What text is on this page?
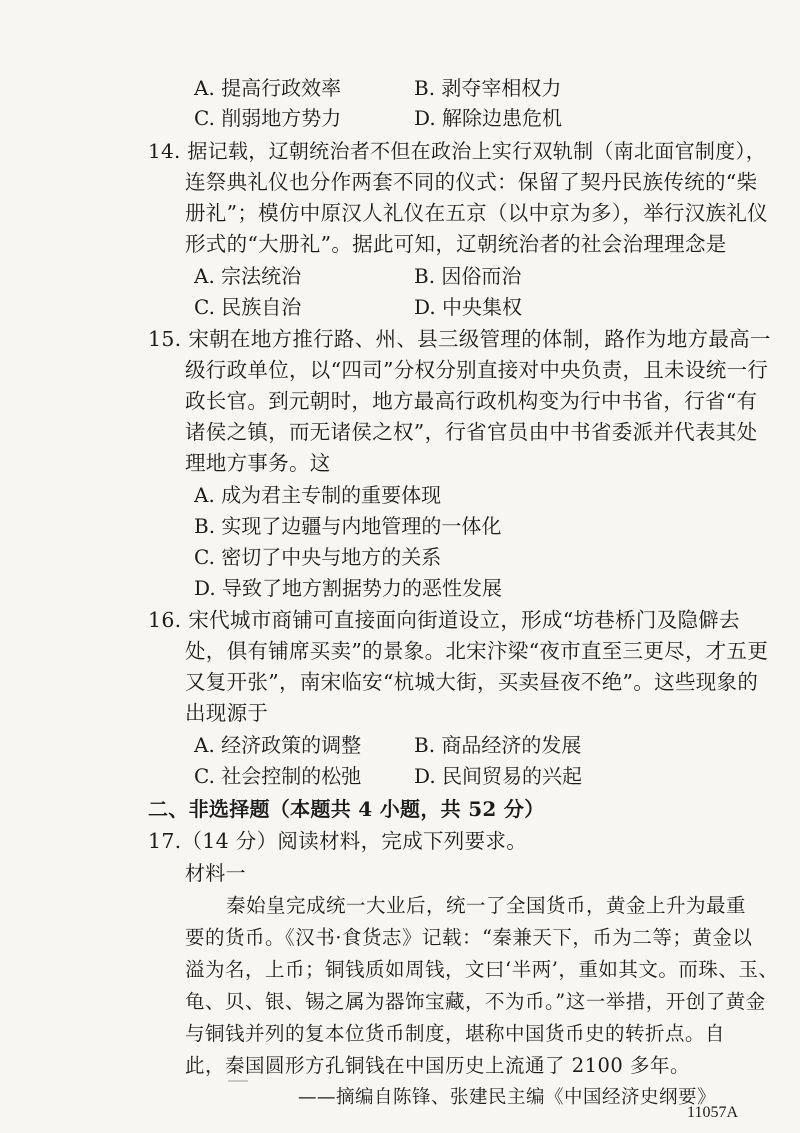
A. 提高行政效率	B. 剥夺宰相权力
C. 削弱地方势力	D. 解除边患危机
14. 据记载，辽朝统治者不但在政治上实行双轨制（南北面官制度），
连祭典礼仪也分作两套不同的仪式：保留了契丹民族传统的“柴
册礼”；模仿中原汉人礼仪在五京（以中京为多），举行汉族礼仪
形式的“大册礼”。据此可知，辽朝统治者的社会治理理念是
A. 宗法统治	B. 因俗而治
C. 民族自治	D. 中央集权
15. 宋朝在地方推行路、州、县三级管理的体制，路作为地方最高一
级行政单位，以“四司”分权分别直接对中央负责，且未设统一行
政长官。到元朝时，地方最高行政机构变为行中书省，行省“有
诸侯之镇，而无诸侯之权”，行省官员由中书省委派并代表其处
理地方事务。这
A. 成为君主专制的重要体现
B. 实现了边疆与内地管理的一体化
C. 密切了中央与地方的关系
D. 导致了地方割据势力的恶性发展
16. 宋代城市商铺可直接面向街道设立，形成“坊巷桥门及隐僻去
处，俱有铺席买卖”的景象。北宋汴梁“夜市直至三更尽，才五更
又复开张”，南宋临安“杭城大街，买卖昼夜不绝”。这些现象的
出现源于
A. 经济政策的调整	B. 商品经济的发展
C. 社会控制的松弛	D. 民间贸易的兴起
二、非选择题（本题共 4 小题，共 52 分）
17.（14 分）阅读材料，完成下列要求。
材料一
秦始皇完成统一大业后，统一了全国货币，黄金上升为最重
要的货币。《汉书·食货志》记载：“秦兼天下，币为二等；黄金以
溢为名，上币；铜钱质如周钱，文曰‘半两’，重如其文。而珠、玉、
龟、贝、银、锡之属为器饰宝藏，不为币。”这一举措，开创了黄金
与铜钱并列的复本位货币制度，堪称中国货币史的转折点。自
此，秦国圆形方孔铜钱在中国历史上流通了 2100 多年。
——摘编自陈锋、张建民主编《中国经济史纲要》
11057A
